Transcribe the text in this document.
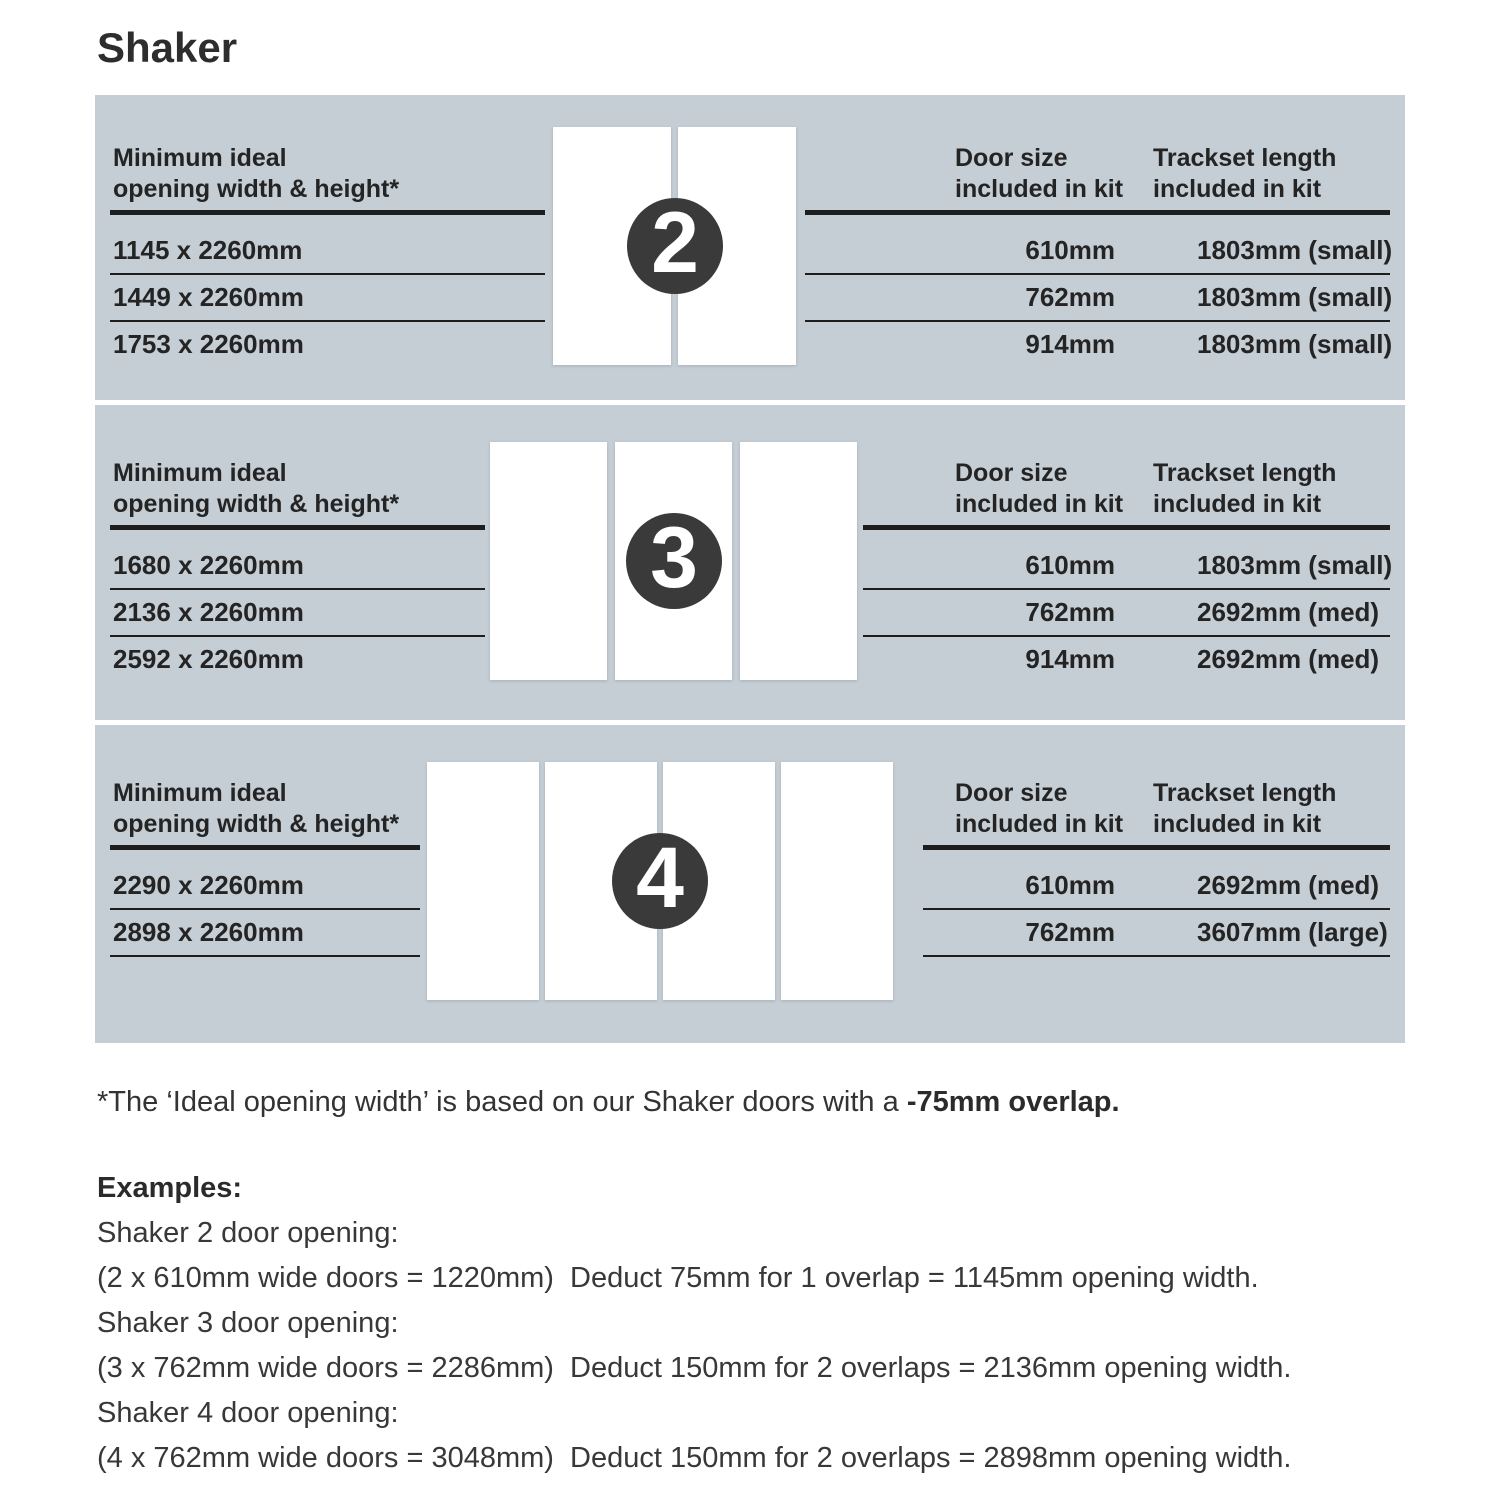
Shaker
Minimum ideal
opening width & height*
Door size
included in kit
Trackset length
included in kit
1145 x 2260mm	610mm	1803mm (small)
1449 x 2260mm	762mm	1803mm (small)
1753 x 2260mm	914mm	1803mm (small)
2
Minimum ideal
opening width & height*
Door size
included in kit
Trackset length
included in kit
1680 x 2260mm	610mm	1803mm (small)
2136 x 2260mm	762mm	2692mm (med)
2592 x 2260mm	914mm	2692mm (med)
3
Minimum ideal
opening width & height*
Door size
included in kit
Trackset length
included in kit
2290 x 2260mm	610mm	2692mm (med)
2898 x 2260mm	762mm	3607mm (large)
4
*The ‘Ideal opening width’ is based on our Shaker doors with a -75mm overlap.
Examples:
Shaker 2 door opening:
(2 x 610mm wide doors = 1220mm)  Deduct 75mm for 1 overlap = 1145mm opening width.
Shaker 3 door opening:
(3 x 762mm wide doors = 2286mm)  Deduct 150mm for 2 overlaps = 2136mm opening width.
Shaker 4 door opening:
(4 x 762mm wide doors = 3048mm)  Deduct 150mm for 2 overlaps = 2898mm opening width.
